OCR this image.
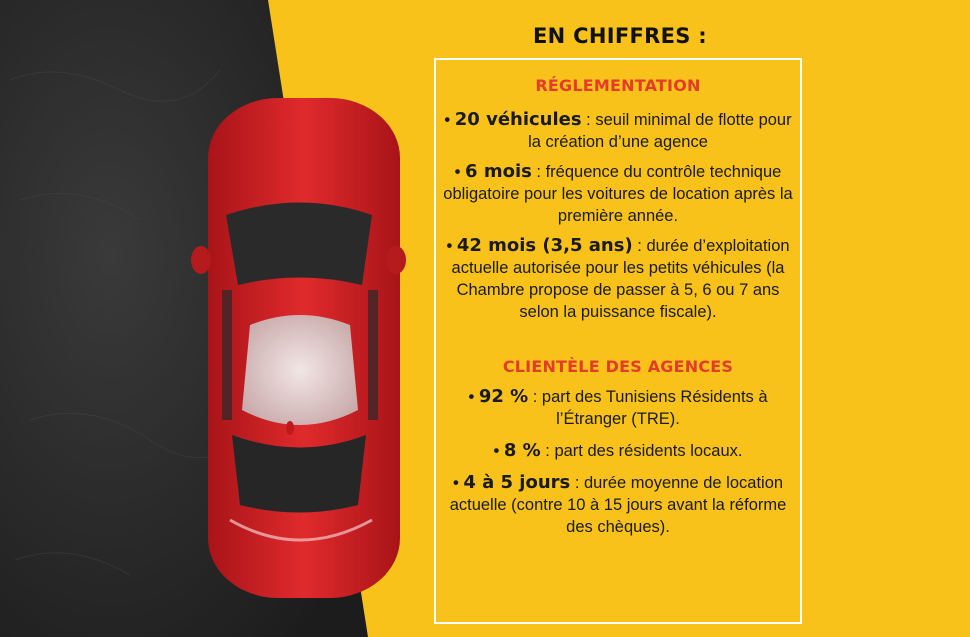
EN CHIFFRES :
RÉGLEMENTATION
• 20 véhicules : seuil minimal de flotte pour la création d’une agence
• 6 mois : fréquence du contrôle technique obligatoire pour les voitures de location après la première année.
• 42 mois (3,5 ans) : durée d’exploitation actuelle autorisée pour les petits véhicules (la Chambre propose de passer à 5, 6 ou 7 ans selon la puissance fiscale).
CLIENTÈLE DES AGENCES
• 92 % : part des Tunisiens Résidents à l’Étranger (TRE).
• 8 % : part des résidents locaux.
• 4 à 5 jours : durée moyenne de location actuelle (contre 10 à 15 jours avant la réforme des chèques).
